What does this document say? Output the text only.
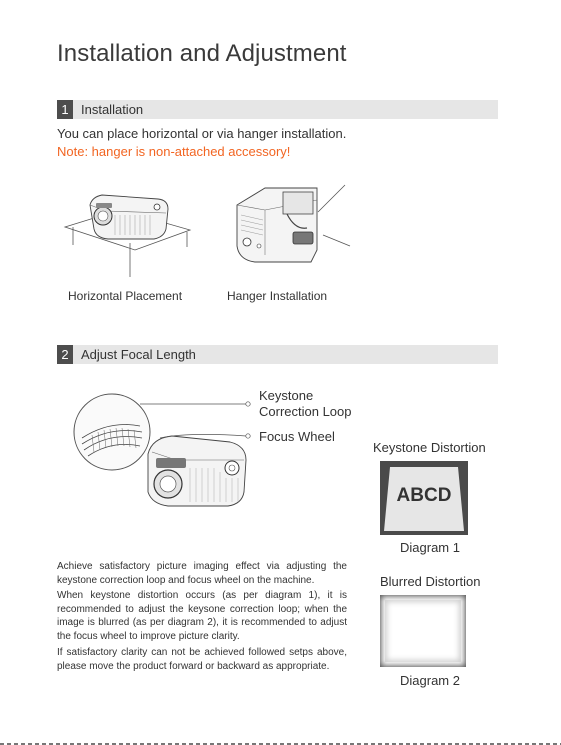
Installation and Adjustment
1 Installation
You can place horizontal or via hanger installation.
Note: hanger is non-attached accessory!
Horizontal Placement	Hanger Installation
2 Adjust Focal Length
Keystone
Correction Loop
Focus Wheel
Achieve satisfactory picture imaging effect via adjusting the keystone correction loop and focus wheel on the machine.
When keystone distortion occurs (as per diagram 1), it is recommended to adjust the keysone correction loop; when the image is blurred (as per diagram 2), it is recommended to adjust the focus wheel to improve picture clarity.
If satisfactory clarity can not be achieved followed setps above, please move the product forward or backward as appropriate.
Keystone Distortion
ABCD
Diagram 1
Blurred Distortion
Diagram 2
